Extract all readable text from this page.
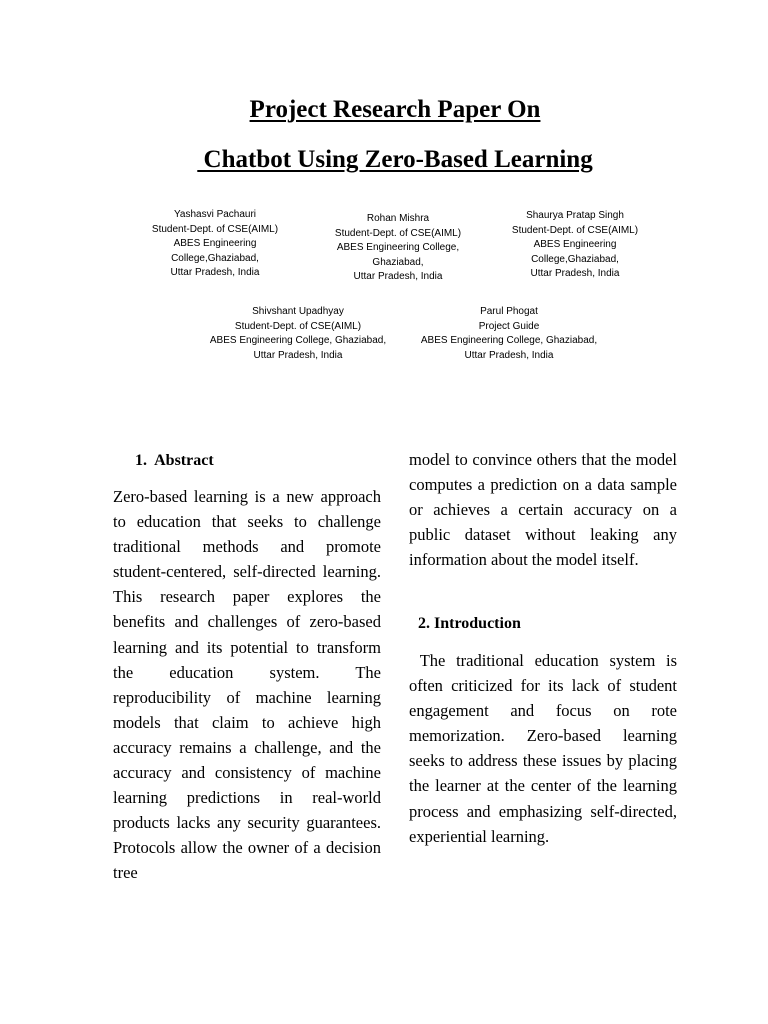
Project Research Paper On
Chatbot Using Zero-Based Learning
Yashasvi Pachauri
Student-Dept. of CSE(AIML)
ABES Engineering
College,Ghaziabad,
Uttar Pradesh, India
Rohan Mishra
Student-Dept. of CSE(AIML)
ABES Engineering College,
Ghaziabad,
Uttar Pradesh, India
Shaurya Pratap Singh
Student-Dept. of CSE(AIML)
ABES Engineering
College,Ghaziabad,
Uttar Pradesh, India
Shivshant Upadhyay
Student-Dept. of CSE(AIML)
ABES Engineering College, Ghaziabad,
Uttar Pradesh, India
Parul Phogat
Project Guide
ABES Engineering College, Ghaziabad,
Uttar Pradesh, India
1.  Abstract

Zero-based learning is a new approach to education that seeks to challenge traditional methods and promote student-centered, self-directed learning. This research paper explores the benefits and challenges of zero-based learning and its potential to transform the education system. The reproducibility of machine learning models that claim to achieve high accuracy remains a challenge, and the accuracy and consistency of machine learning predictions in real-world products lacks any security guarantees. Protocols allow the owner of a decision tree

model to convince others that the model computes a prediction on a data sample or achieves a certain accuracy on a public dataset without leaking any information about the model itself.

2. Introduction

The traditional education system is often criticized for its lack of student engagement and focus on rote memorization. Zero-based learning seeks to address these issues by placing the learner at the center of the learning process and emphasizing self-directed, experiential learning.
